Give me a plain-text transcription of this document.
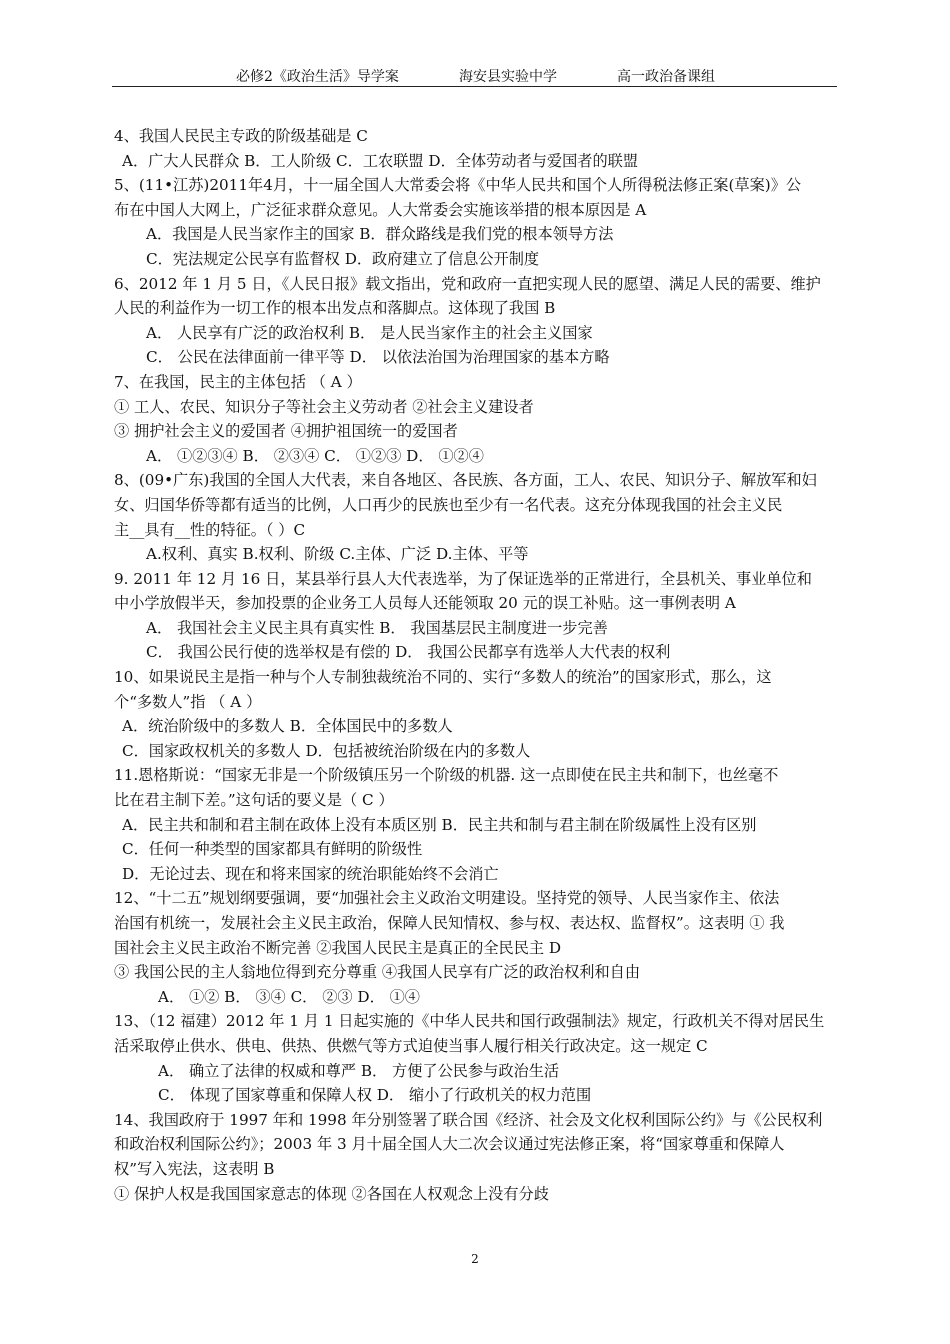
必修2《政治生活》导学案	海安县实验中学	高一政治备课组
4、我国人民民主专政的阶级基础是 C
A．广大人民群众 B．工人阶级 C．工农联盟 D．全体劳动者与爱国者的联盟
5、(11•江苏)2011年4月，十一届全国人大常委会将《中华人民共和国个人所得税法修正案(草案)》公
布在中国人大网上，广泛征求群众意见。人大常委会实施该举措的根本原因是 A
A．我国是人民当家作主的国家 B．群众路线是我们党的根本领导方法
C．宪法规定公民享有监督权 D．政府建立了信息公开制度
6、2012 年 1 月 5 日，《人民日报》载文指出，党和政府一直把实现人民的愿望、满足人民的需要、维护
人民的利益作为一切工作的根本出发点和落脚点。这体现了我国 B
A． 人民享有广泛的政治权利 B． 是人民当家作主的社会主义国家
C． 公民在法律面前一律平等 D． 以依法治国为治理国家的基本方略
7、在我国，民主的主体包括 （ A ）
① 工人、农民、知识分子等社会主义劳动者 ②社会主义建设者
③ 拥护社会主义的爱国者 ④拥护祖国统一的爱国者
A． ①②③④ B． ②③④ C． ①②③ D． ①②④
8、(09•广东)我国的全国人大代表，来自各地区、各民族、各方面，工人、农民、知识分子、解放军和妇
女、归国华侨等都有适当的比例，人口再少的民族也至少有一名代表。这充分体现我国的社会主义民
主__具有__性的特征。（ ）C
A.权利、真实 B.权利、阶级 C.主体、广泛 D.主体、平等
9. 2011 年 12 月 16 日，某县举行县人大代表选举，为了保证选举的正常进行，全县机关、事业单位和
中小学放假半天，参加投票的企业务工人员每人还能领取 20 元的误工补贴。这一事例表明 A
A． 我国社会主义民主具有真实性 B． 我国基层民主制度进一步完善
C． 我国公民行使的选举权是有偿的 D． 我国公民都享有选举人大代表的权利
10、如果说民主是指一种与个人专制独裁统治不同的、实行“多数人的统治”的国家形式，那么，这
个“多数人”指 （ A ）
A．统治阶级中的多数人 B．全体国民中的多数人
C．国家政权机关的多数人 D．包括被统治阶级在内的多数人
11.恩格斯说：“国家无非是一个阶级镇压另一个阶级的机器. 这一点即使在民主共和制下，也丝毫不
比在君主制下差。”这句话的要义是（ C ）
A．民主共和制和君主制在政体上没有本质区别 B．民主共和制与君主制在阶级属性上没有区别
C．任何一种类型的国家都具有鲜明的阶级性
D．无论过去、现在和将来国家的统治职能始终不会消亡
12、“十二五”规划纲要强调，要“加强社会主义政治文明建设。坚持党的领导、人民当家作主、依法
治国有机统一，发展社会主义民主政治，保障人民知情权、参与权、表达权、监督权”。这表明 ① 我
国社会主义民主政治不断完善 ②我国人民民主是真正的全民民主 D
③ 我国公民的主人翁地位得到充分尊重 ④我国人民享有广泛的政治权利和自由
A． ①② B． ③④ C． ②③ D． ①④
13、（12 福建）2012 年 1 月 1 日起实施的《中华人民共和国行政强制法》规定，行政机关不得对居民生
活采取停止供水、供电、供热、供燃气等方式迫使当事人履行相关行政决定。这一规定 C
A． 确立了法律的权威和尊严 B． 方便了公民参与政治生活
C． 体现了国家尊重和保障人权 D． 缩小了行政机关的权力范围
14、我国政府于 1997 年和 1998 年分别签署了联合国《经济、社会及文化权利国际公约》与《公民权利
和政治权利国际公约》；2003 年 3 月十届全国人大二次会议通过宪法修正案，将“国家尊重和保障人
权”写入宪法，这表明 B
① 保护人权是我国国家意志的体现 ②各国在人权观念上没有分歧
2
